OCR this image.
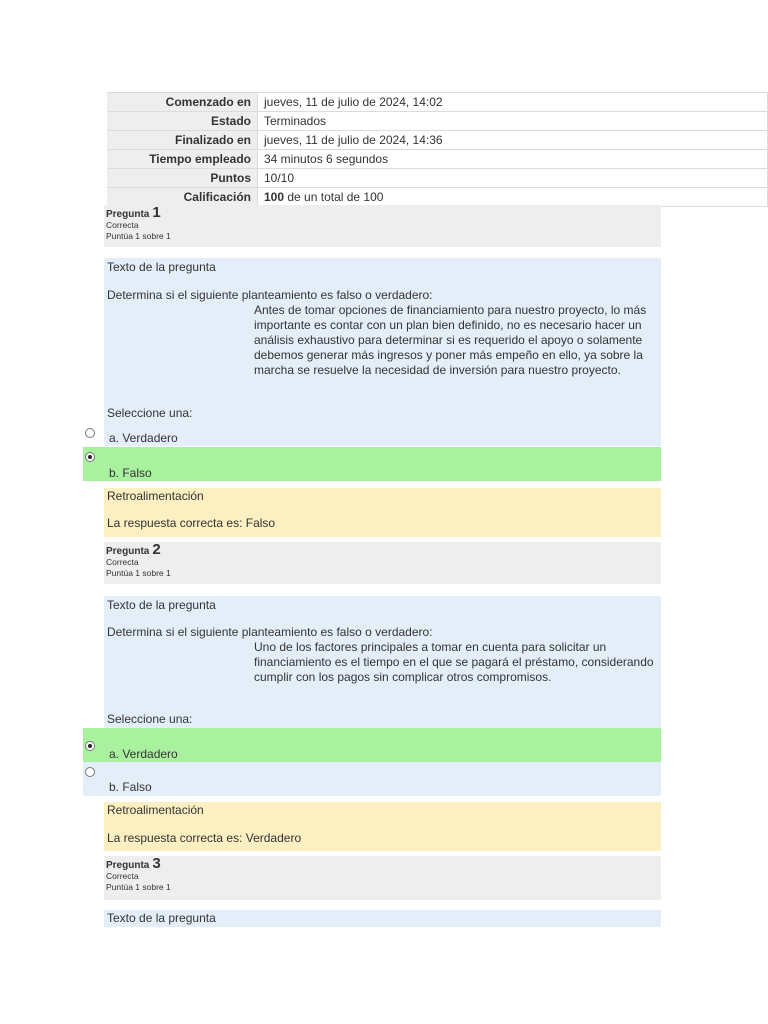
Comenzado en	jueves, 11 de julio de 2024, 14:02
Estado	Terminados
Finalizado en	jueves, 11 de julio de 2024, 14:36
Tiempo empleado	34 minutos 6 segundos
Puntos	10/10
Calificación	100 de un total de 100
Pregunta 1
Correcta
Puntúa 1 sobre 1
Texto de la pregunta
Determina si el siguiente planteamiento es falso o verdadero:
Antes de tomar opciones de financiamiento para nuestro proyecto, lo más importante es contar con un plan bien definido, no es necesario hacer un análisis exhaustivo para determinar si es requerido el apoyo o solamente debemos generar más ingresos y poner más empeño en ello, ya sobre la marcha se resuelve la necesidad de inversión para nuestro proyecto.
Seleccione una:
a. Verdadero
b. Falso
Retroalimentación
La respuesta correcta es: Falso
Pregunta 2
Correcta
Puntúa 1 sobre 1
Texto de la pregunta
Determina si el siguiente planteamiento es falso o verdadero:
Uno de los factores principales a tomar en cuenta para solicitar un financiamiento es el tiempo en el que se pagará el préstamo, considerando cumplir con los pagos sin complicar otros compromisos.
Seleccione una:
a. Verdadero
b. Falso
Retroalimentación
La respuesta correcta es: Verdadero
Pregunta 3
Correcta
Puntúa 1 sobre 1
Texto de la pregunta
